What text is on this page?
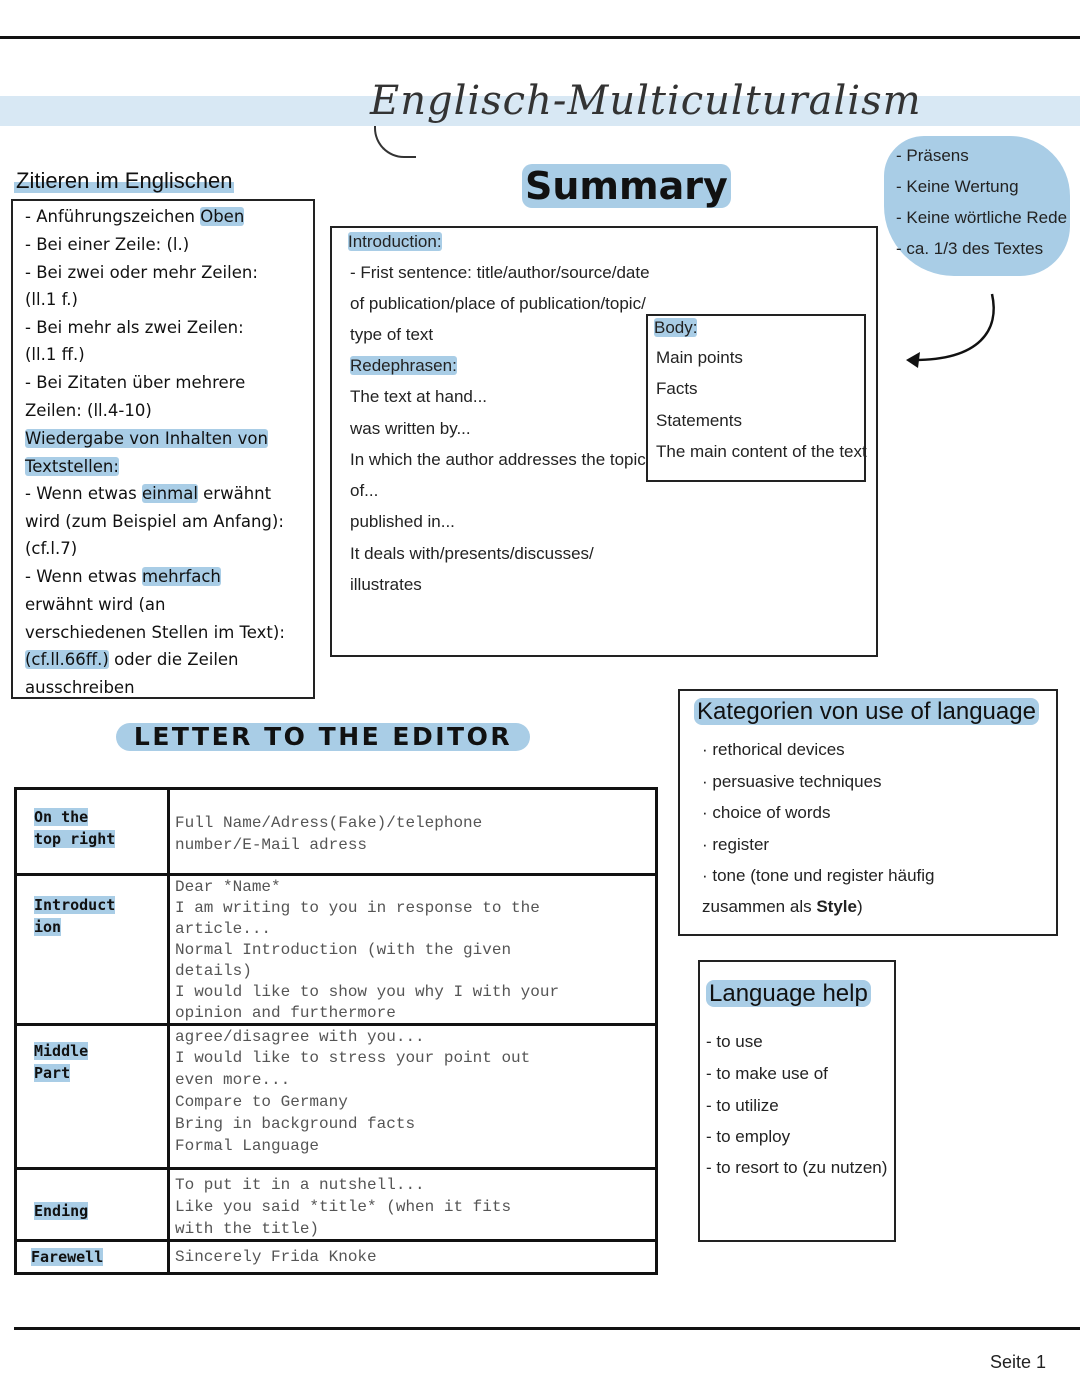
Englisch-Multiculturalism
Zitieren im Englischen
- Anführungszeichen Oben
- Bei einer Zeile: (l.)
- Bei zwei oder mehr Zeilen:
(ll.1 f.)
- Bei mehr als zwei Zeilen:
(ll.1 ff.)
- Bei Zitaten über mehrere
Zeilen: (ll.4-10)
Wiedergabe von Inhalten von
Textstellen:
- Wenn etwas einmal erwähnt
wird (zum Beispiel am Anfang):
(cf.l.7)
- Wenn etwas mehrfach
erwähnt wird (an
verschiedenen Stellen im Text):
(cf.ll.66ff.) oder die Zeilen
ausschreiben
Summary
Introduction:
- Frist sentence: title/author/source/date
of publication/place of publication/topic/
type of text
Redephrasen:
The text at hand...
was written by...
In which the author addresses the topic
of...
published in...
It deals with/presents/discusses/
illustrates
Body:
Main points
Facts
Statements
The main content of the text
- Präsens
- Keine Wertung
- Keine wörtliche Rede
- ca. 1/3 des Textes
LETTER TO THE EDITOR
On the
top right
Full Name/Adress(Fake)/telephone
number/E-Mail adress
Introduct
ion
Dear *Name*
I am writing to you in response to the
article...
Normal Introduction (with the given
details)
I would like to show you why I with your
opinion and furthermore
Middle
Part
agree/disagree with you...
I would like to stress your point out
even more...
Compare to Germany
Bring in background facts
Formal Language
Ending
To put it in a nutshell...
Like you said *title* (when it fits
with the title)
Farewell	Sincerely Frida Knoke
Kategorien von use of language
· rethorical devices
· persuasive techniques
· choice of words
· register
· tone (tone und register häufig
zusammen als Style)
Language help
- to use
- to make use of
- to utilize
- to employ
- to resort to (zu nutzen)
Seite 1
